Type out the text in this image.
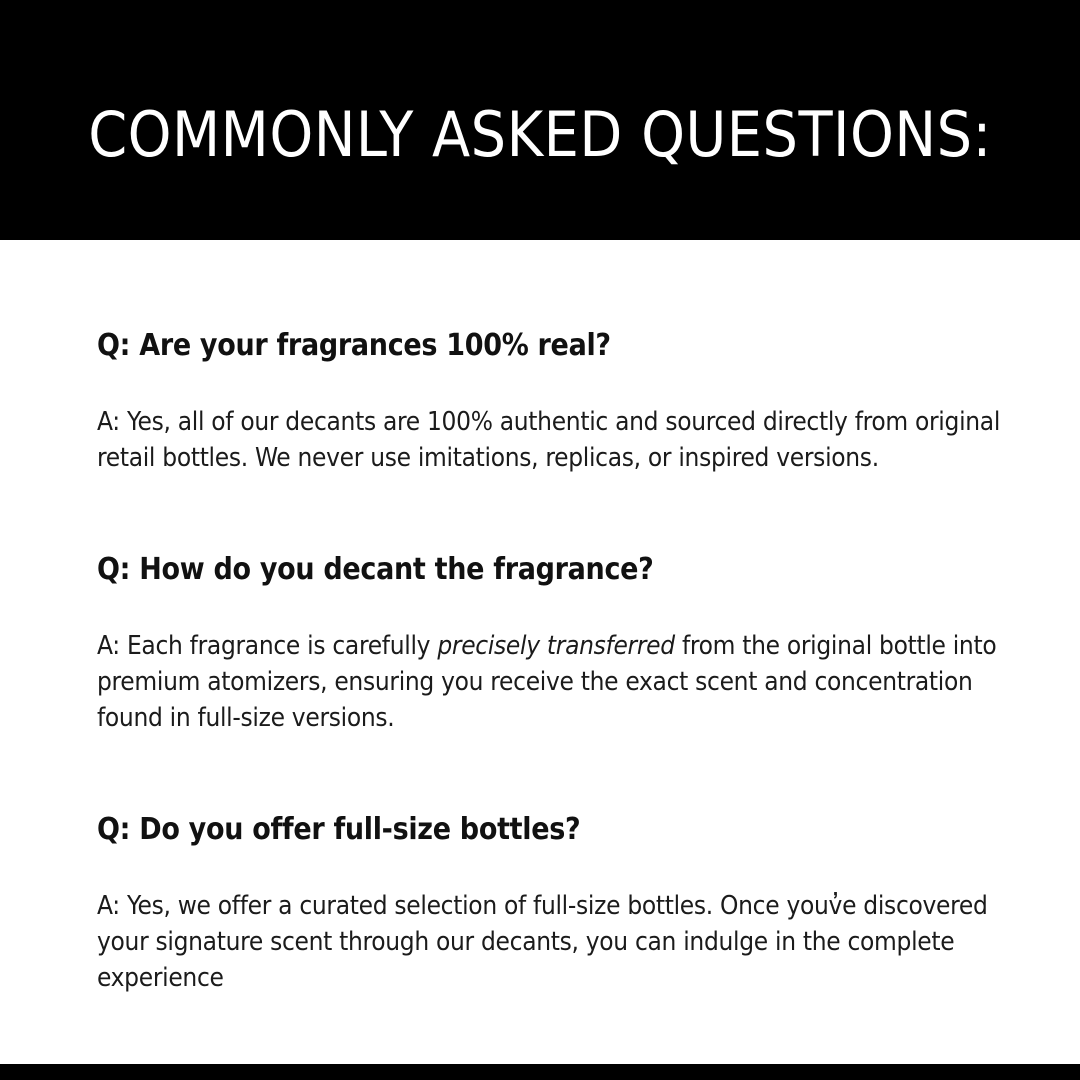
COMMONLY ASKED QUESTIONS:
Q: Are your fragrances 100% real?
A: Yes, all of our decants are 100% authentic and sourced directly from original
retail bottles. We never use imitations, replicas, or inspired versions.
Q: How do you decant the fragrance?
A: Each fragrance is carefully precisely transferred from the original bottle into
premium atomizers, ensuring you receive the exact scent and concentration
found in full-size versions.
Q: Do you offer full-size bottles?
A: Yes, we offer a curated selection of full-size bottles. Once youv̓e discovered
your signature scent through our decants, you can indulge in the complete
experience
